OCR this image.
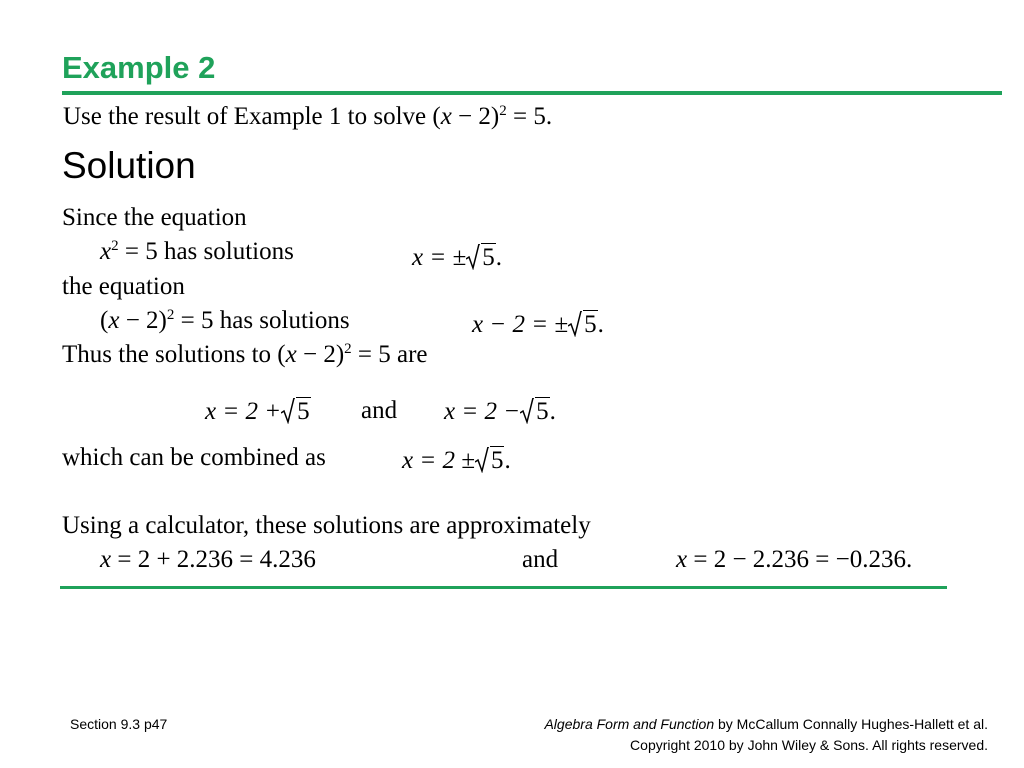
Example 2
Use the result of Example 1 to solve $(x - 2)^2 = 5$.
Solution
Since the equation
$x^2 = 5$ has solutions	x = ± 5.
the equation
$(x - 2)^2 = 5$ has solutions	x − 2 = ± 5.
Thus the solutions to $(x - 2)^2 = 5$ are
x = 2 + 5 and x = 2 − 5.
which can be combined as	x = 2 ± 5.
Using a calculator, these solutions are approximately
x = 2 + 2.236 = 4.236	and	x = 2 − 2.236 = −0.236.
Section 9.3 p47	Algebra Form and Function by McCallum Connally Hughes-Hallett et al.
Copyright 2010 by John Wiley & Sons. All rights reserved.
